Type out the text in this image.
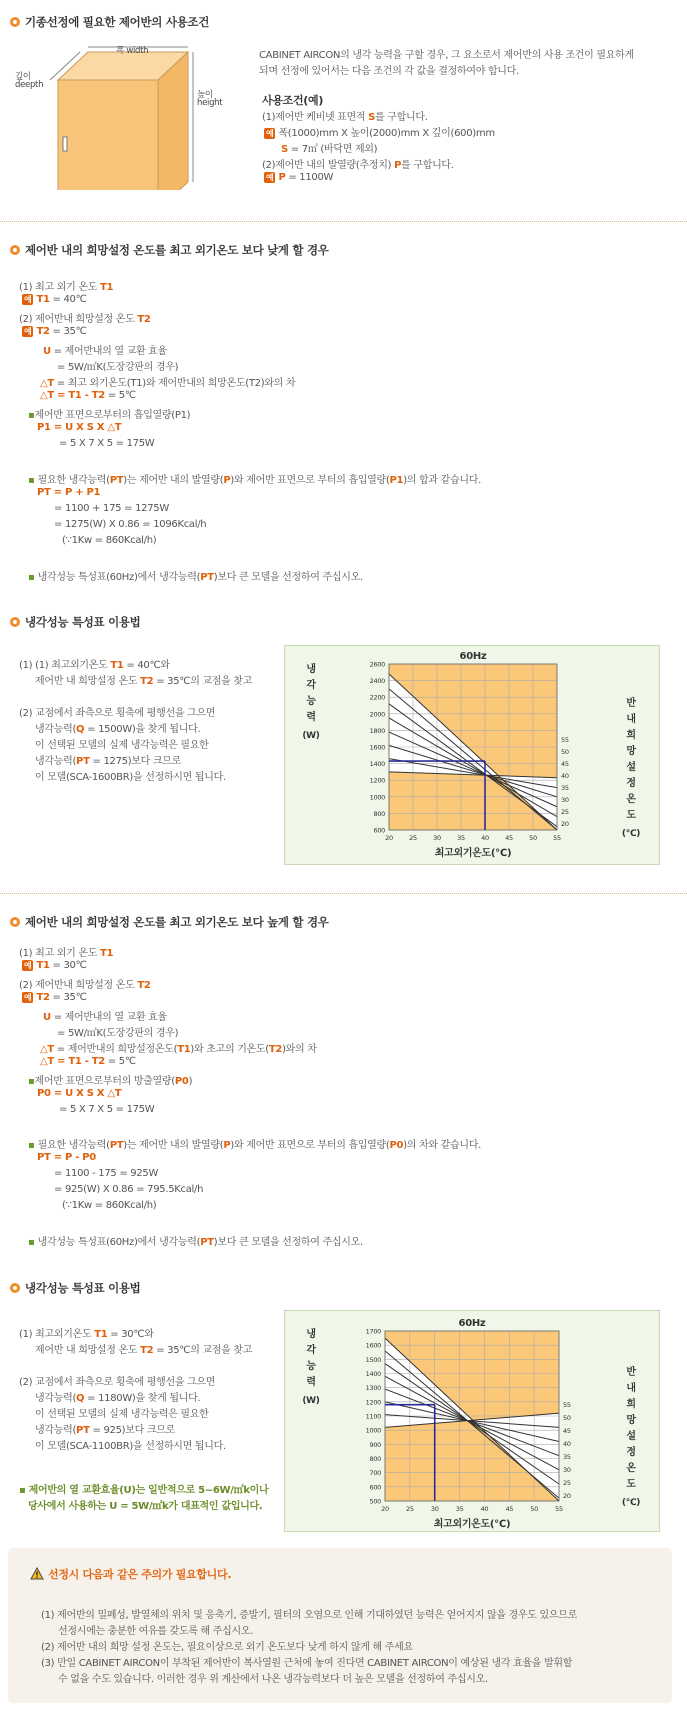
기종선정에 필요한 제어반의 사용조건
폭 width
깊이
deepth
높이
height
CABINET AIRCON의 냉각 능력을 구할 경우, 그 요소로서 제어반의 사용 조건이 필요하게
되며 선정에 있어서는 다음 조건의 각 값을 결정하여야 합니다.
사용조건(예)
(1)제어반 케비넷 표면적 S를 구합니다.
예 폭(1000)mm X 높이(2000)mm X 깊이(600)mm
S = 7㎡ (바닥면 제외)
(2)제어반 내의 발열량(추정치) P를 구합니다.
예 P = 1100W
제어반 내의 희망설정 온도를 최고 외기온도 보다 낮게 할 경우
(1) 최고 외기 온도 T1
예 T1 = 40℃
(2) 제어반내 희망설정 온도 T2
예 T2 = 35℃
U = 제어반내의 열 교환 효율
= 5W/㎡K(도장강판의 경우)
△T = 최고 외기온도(T1)와 제어반내의 희망온도(T2)와의 차
△T = T1 - T2 = 5℃
▪제어반 표면으로부터의 흡입열량(P1)
P1 = U X S X △T
= 5 X 7 X 5 = 175W
▪ 필요한 냉각능력(PT)는 제어반 내의 발열량(P)와 제어반 표면으로 부터의 흡입열량(P1)의 합과 같습니다.
PT = P + P1
= 1100 + 175 = 1275W
= 1275(W) X 0.86 = 1096Kcal/h
(∵1Kw = 860Kcal/h)
▪ 냉각성능 특성표(60Hz)에서 냉각능력(PT)보다 큰 모델을 선정하여 주십시오.
냉각성능 특성표 이용법
(1) (1) 최고외기온도 T1 = 40℃와
제어반 내 희망설정 온도 T2 = 35℃의 교점을 찾고
(2) 교점에서 좌측으로 횡축에 평행선을 그으면
냉각능력(Q = 1500W)을 찾게 됩니다.
이 선택된 모델의 실제 냉각능력은 필요한
냉각능력(PT = 1275)보다 크므로
이 모델(SCA-1600BR)을 선정하시면 됩니다.
20	25	30	35	40	45	50	55
600
800
1000
1200
1400
1600
1800
2000
2200
2400
2600
55
50
45
40
35
30
25
20
60Hz
최고외기온도(℃)
냉
각
능
력
(W)
반
내
희
망
설
정
온
도
(℃)
제어반 내의 희망설정 온도를 최고 외기온도 보다 높게 할 경우
(1) 최고 외기 온도 T1
예 T1 = 30℃
(2) 제어반내 희망설정 온도 T2
예 T2 = 35℃
U = 제어반내의 열 교환 효율
= 5W/㎡K(도장강판의 경우)
△T = 제어반내의 희망설정온도(T1)와 초고의 기온도(T2)와의 차
△T = T1 - T2 = 5℃
▪제어반 표면으로부터의 방출열량(P0)
P0 = U X S X △T
= 5 X 7 X 5 = 175W
▪ 필요한 냉각능력(PT)는 제어반 내의 발열량(P)와 제어반 표면으로 부터의 흡입열량(P0)의 차와 같습니다.
PT = P - P0
= 1100 - 175 = 925W
= 925(W) X 0.86 = 795.5Kcal/h
(∵1Kw = 860Kcal/h)
▪ 냉각성능 특성표(60Hz)에서 냉각능력(PT)보다 큰 모델을 선정하여 주십시오.
냉각성능 특성표 이용법
(1) 최고외기온도 T1 = 30℃와
제어반 내 희망설정 온도 T2 = 35℃의 교점을 찾고
(2) 교점에서 좌측으로 횡축에 평행선을 그으면
냉각능력(Q = 1180W)을 찾게 됩니다.
이 선택된 모델의 실제 냉각능력은 필요한
냉각능력(PT = 925)보다 크므로
이 모델(SCA-1100BR)을 선정하시면 됩니다.
▪ 제어반의 열 교환효율(U)는 일반적으로 5~6W/㎡k이나
당사에서 사용하는 U = 5W/㎡k가 대표적인 값입니다.	20	25	30	35	40	45	50	55
500
600
700
800
900
1000
1100
1200
1300
1400
1500
1600
1700
55
50
45
40
35
30
25
20
60Hz
최고외기온도(℃)
냉
각
능
력
(W)
반
내
희
망
설
정
온
도
(℃)
선정시 다음과 같은 주의가 필요합니다.
(1) 제어반의 밀폐성, 발열체의 위치 및 응축기, 증발기, 필터의 오염으로 인해 기대하였던 능력은 얻어지지 않을 경우도 있으므로
선정시에는 충분한 여유를 갖도록 해 주십시오.
(2) 제어반 내의 희망 설정 온도는, 필요이상으로 외기 온도보다 낮게 하지 않게 해 주세요
(3) 만일 CABINET AIRCON이 부착된 제어반이 복사열원 근처에 놓여 진다면 CABINET AIRCON이 예상된 냉각 효율을 발휘할
수 없을 수도 있습니다. 이러한 경우 위 계산에서 나온 냉각능력보다 더 높은 모델을 선정하여 주십시오.
